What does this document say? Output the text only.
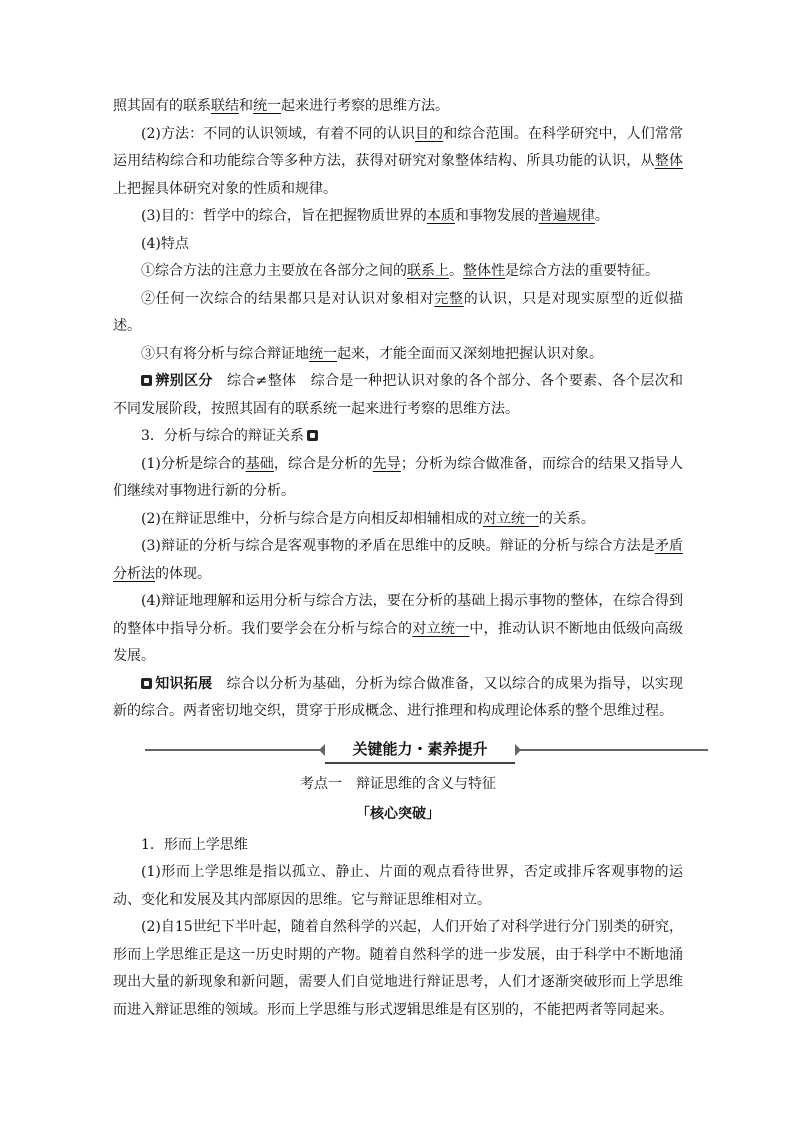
照其固有的联系联结和统一起来进行考察的思维方法。

(2)方法：不同的认识领域，有着不同的认识目的和综合范围。在科学研究中，人们常常运用结构综合和功能综合等多种方法，获得对研究对象整体结构、所具功能的认识，从整体上把握具体研究对象的性质和规律。

(3)目的：哲学中的综合，旨在把握物质世界的本质和事物发展的普遍规律。

(4)特点

①综合方法的注意力主要放在各部分之间的联系上。整体性是综合方法的重要特征。

②任何一次综合的结果都只是对认识对象相对完整的认识，只是对现实原型的近似描述。

③只有将分析与综合辩证地统一起来，才能全面而又深刻地把握认识对象。

辨别区分　综合≠整体　综合是一种把认识对象的各个部分、各个要素、各个层次和不同发展阶段，按照其固有的联系统一起来进行考察的思维方法。

3．分析与综合的辩证关系

(1)分析是综合的基础，综合是分析的先导；分析为综合做准备，而综合的结果又指导人们继续对事物进行新的分析。

(2)在辩证思维中，分析与综合是方向相反却相辅相成的对立统一的关系。

(3)辩证的分析与综合是客观事物的矛盾在思维中的反映。辩证的分析与综合方法是矛盾分析法的体现。

(4)辩证地理解和运用分析与综合方法，要在分析的基础上揭示事物的整体，在综合得到的整体中指导分析。我们要学会在分析与综合的对立统一中，推动认识不断地由低级向高级发展。

知识拓展　综合以分析为基础，分析为综合做准备，又以综合的成果为指导，以实现新的综合。两者密切地交织，贯穿于形成概念、进行推理和构成理论体系的整个思维过程。

关键能力・素养提升

考点一　辩证思维的含义与特征

「核心突破」

1．形而上学思维

(1)形而上学思维是指以孤立、静止、片面的观点看待世界，否定或排斥客观事物的运动、变化和发展及其内部原因的思维。它与辩证思维相对立。

(2)自15世纪下半叶起，随着自然科学的兴起，人们开始了对科学进行分门别类的研究，形而上学思维正是这一历史时期的产物。随着自然科学的进一步发展，由于科学中不断地涌现出大量的新现象和新问题，需要人们自觉地进行辩证思考，人们才逐渐突破形而上学思维而进入辩证思维的领域。形而上学思维与形式逻辑思维是有区别的，不能把两者等同起来。
